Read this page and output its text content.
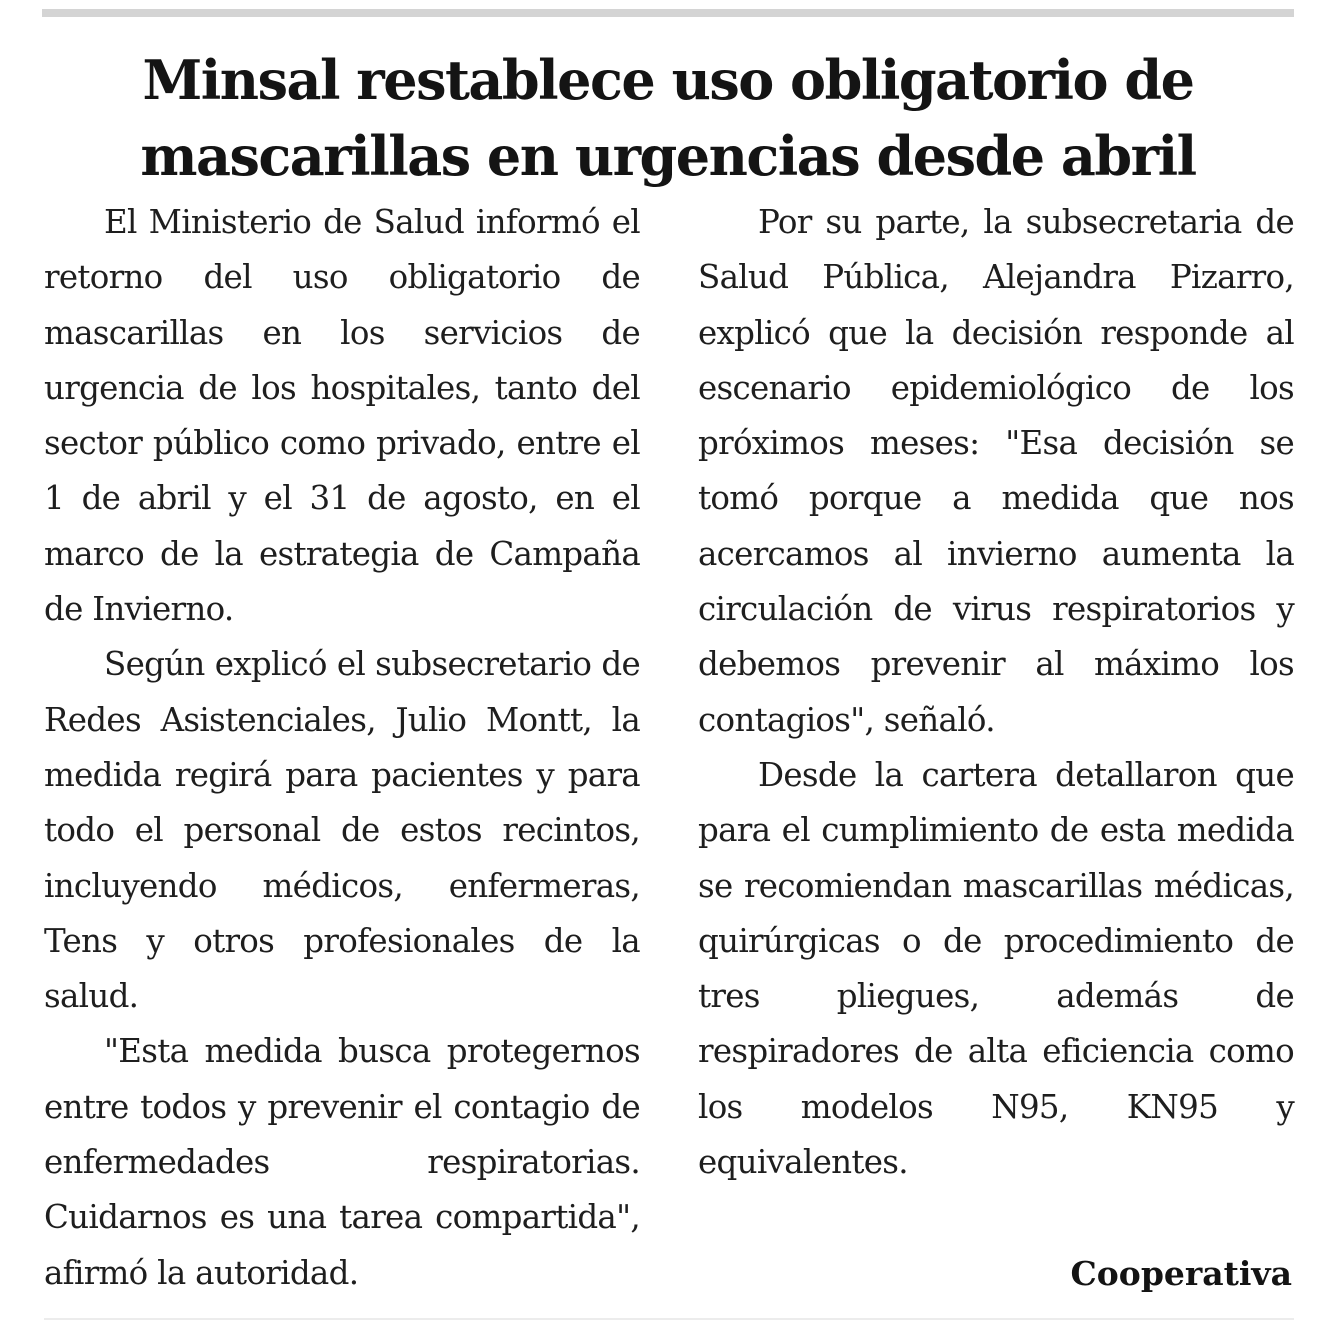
Minsal restablece uso obligatorio de
mascarillas en urgencias desde abril

El Ministerio de Salud informó el retorno del uso obligatorio de mascarillas en los servicios de urgencia de los hospitales, tanto del sector público como privado, entre el 1 de abril y el 31 de agosto, en el marco de la estrategia de Campaña de Invierno.

Según explicó el subsecretario de Redes Asistenciales, Julio Montt, la medida regirá para pacientes y para todo el personal de estos recintos, incluyendo médicos, enfermeras, Tens y otros profesionales de la salud.

"Esta medida busca protegernos entre todos y prevenir el contagio de enfermedades respiratorias. Cuidarnos es una tarea compartida", afirmó la autoridad.

Por su parte, la subsecretaria de Salud Pública, Alejandra Pizarro, explicó que la decisión responde al escenario epidemiológico de los próximos meses: "Esa decisión se tomó porque a medida que nos acercamos al invierno aumenta la circulación de virus respiratorios y debemos prevenir al máximo los contagios", señaló.

Desde la cartera detallaron que para el cumplimiento de esta medida se recomiendan mascarillas médicas, quirúrgicas o de procedimiento de tres pliegues, además de respiradores de alta eficiencia como los modelos N95, KN95 y equivalentes.

Cooperativa
